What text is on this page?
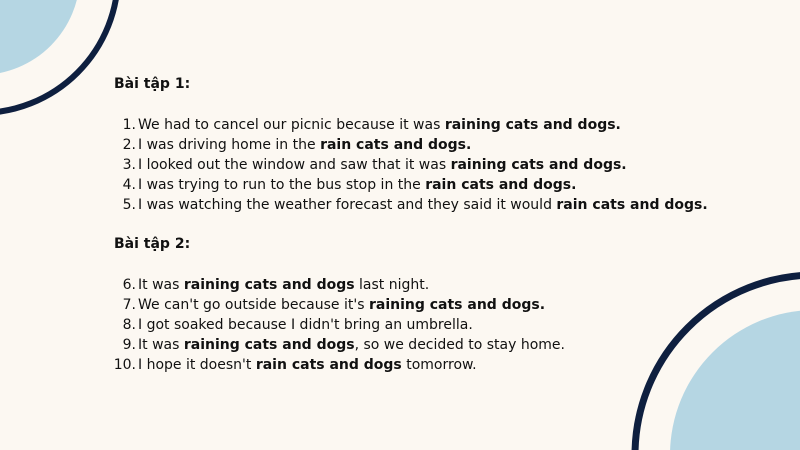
Bài tập 1:
1. We had to cancel our picnic because it was raining cats and dogs.
2. I was driving home in the rain cats and dogs.
3. I looked out the window and saw that it was raining cats and dogs.
4. I was trying to run to the bus stop in the rain cats and dogs.
5. I was watching the weather forecast and they said it would rain cats and dogs.
Bài tập 2:
6. It was raining cats and dogs last night.
7. We can't go outside because it's raining cats and dogs.
8. I got soaked because I didn't bring an umbrella.
9. It was raining cats and dogs, so we decided to stay home.
10. I hope it doesn't rain cats and dogs tomorrow.
